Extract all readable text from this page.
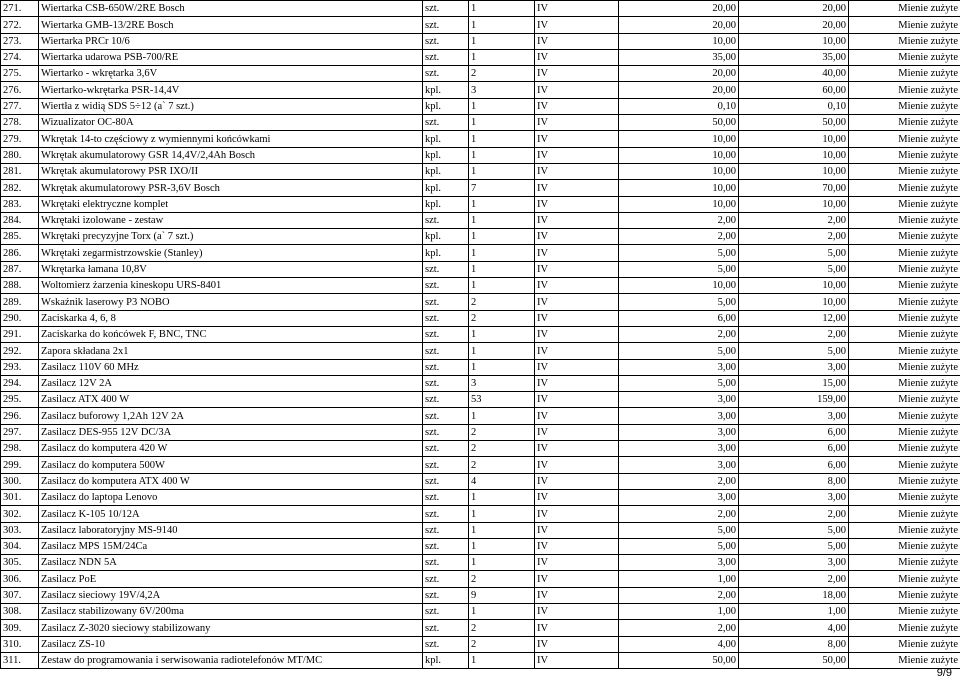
271.	Wiertarka CSB-650W/2RE Bosch	szt.	1	IV	20,00	20,00	Mienie zużyte
272.	Wiertarka GMB-13/2RE Bosch	szt.	1	IV	20,00	20,00	Mienie zużyte
273.	Wiertarka PRCr 10/6	szt.	1	IV	10,00	10,00	Mienie zużyte
274.	Wiertarka udarowa PSB-700/RE	szt.	1	IV	35,00	35,00	Mienie zużyte
275.	Wiertarko - wkrętarka 3,6V	szt.	2	IV	20,00	40,00	Mienie zużyte
276.	Wiertarko-wkrętarka PSR-14,4V	kpl.	3	IV	20,00	60,00	Mienie zużyte
277.	Wiertła z widią SDS 5÷12 (a` 7 szt.)	kpl.	1	IV	0,10	0,10	Mienie zużyte
278.	Wizualizator OC-80A	szt.	1	IV	50,00	50,00	Mienie zużyte
279.	Wkrętak 14-to częściowy z wymiennymi końcówkami	kpl.	1	IV	10,00	10,00	Mienie zużyte
280.	Wkrętak akumulatorowy GSR 14,4V/2,4Ah Bosch	kpl.	1	IV	10,00	10,00	Mienie zużyte
281.	Wkrętak akumulatorowy PSR IXO/II	kpl.	1	IV	10,00	10,00	Mienie zużyte
282.	Wkrętak akumulatorowy PSR-3,6V Bosch	kpl.	7	IV	10,00	70,00	Mienie zużyte
283.	Wkrętaki elektryczne komplet	kpl.	1	IV	10,00	10,00	Mienie zużyte
284.	Wkrętaki izolowane - zestaw	szt.	1	IV	2,00	2,00	Mienie zużyte
285.	Wkrętaki precyzyjne Torx (a` 7 szt.)	kpl.	1	IV	2,00	2,00	Mienie zużyte
286.	Wkrętaki zegarmistrzowskie (Stanley)	kpl.	1	IV	5,00	5,00	Mienie zużyte
287.	Wkrętarka łamana 10,8V	szt.	1	IV	5,00	5,00	Mienie zużyte
288.	Woltomierz żarzenia kineskopu URS-8401	szt.	1	IV	10,00	10,00	Mienie zużyte
289.	Wskaźnik laserowy P3 NOBO	szt.	2	IV	5,00	10,00	Mienie zużyte
290.	Zaciskarka 4, 6, 8	szt.	2	IV	6,00	12,00	Mienie zużyte
291.	Zaciskarka do końcówek F, BNC, TNC	szt.	1	IV	2,00	2,00	Mienie zużyte
292.	Zapora składana 2x1	szt.	1	IV	5,00	5,00	Mienie zużyte
293.	Zasilacz 110V 60 MHz	szt.	1	IV	3,00	3,00	Mienie zużyte
294.	Zasilacz 12V 2A	szt.	3	IV	5,00	15,00	Mienie zużyte
295.	Zasilacz ATX 400 W	szt.	53	IV	3,00	159,00	Mienie zużyte
296.	Zasilacz buforowy 1,2Ah 12V 2A	szt.	1	IV	3,00	3,00	Mienie zużyte
297.	Zasilacz DES-955 12V DC/3A	szt.	2	IV	3,00	6,00	Mienie zużyte
298.	Zasilacz do komputera 420 W	szt.	2	IV	3,00	6,00	Mienie zużyte
299.	Zasilacz do komputera 500W	szt.	2	IV	3,00	6,00	Mienie zużyte
300.	Zasilacz do komputera ATX 400 W	szt.	4	IV	2,00	8,00	Mienie zużyte
301.	Zasilacz do laptopa Lenovo	szt.	1	IV	3,00	3,00	Mienie zużyte
302.	Zasilacz K-105 10/12A	szt.	1	IV	2,00	2,00	Mienie zużyte
303.	Zasilacz laboratoryjny MS-9140	szt.	1	IV	5,00	5,00	Mienie zużyte
304.	Zasilacz MPS 15M/24Ca	szt.	1	IV	5,00	5,00	Mienie zużyte
305.	Zasilacz NDN 5A	szt.	1	IV	3,00	3,00	Mienie zużyte
306.	Zasilacz PoE	szt.	2	IV	1,00	2,00	Mienie zużyte
307.	Zasilacz sieciowy 19V/4,2A	szt.	9	IV	2,00	18,00	Mienie zużyte
308.	Zasilacz stabilizowany 6V/200ma	szt.	1	IV	1,00	1,00	Mienie zużyte
309.	Zasilacz Z-3020 sieciowy stabilizowany	szt.	2	IV	2,00	4,00	Mienie zużyte
310.	Zasilacz ZS-10	szt.	2	IV	4,00	8,00	Mienie zużyte
311.	Zestaw do programowania i serwisowania radiotelefonów MT/MC	kpl.	1	IV	50,00	50,00	Mienie zużyte
9/9
